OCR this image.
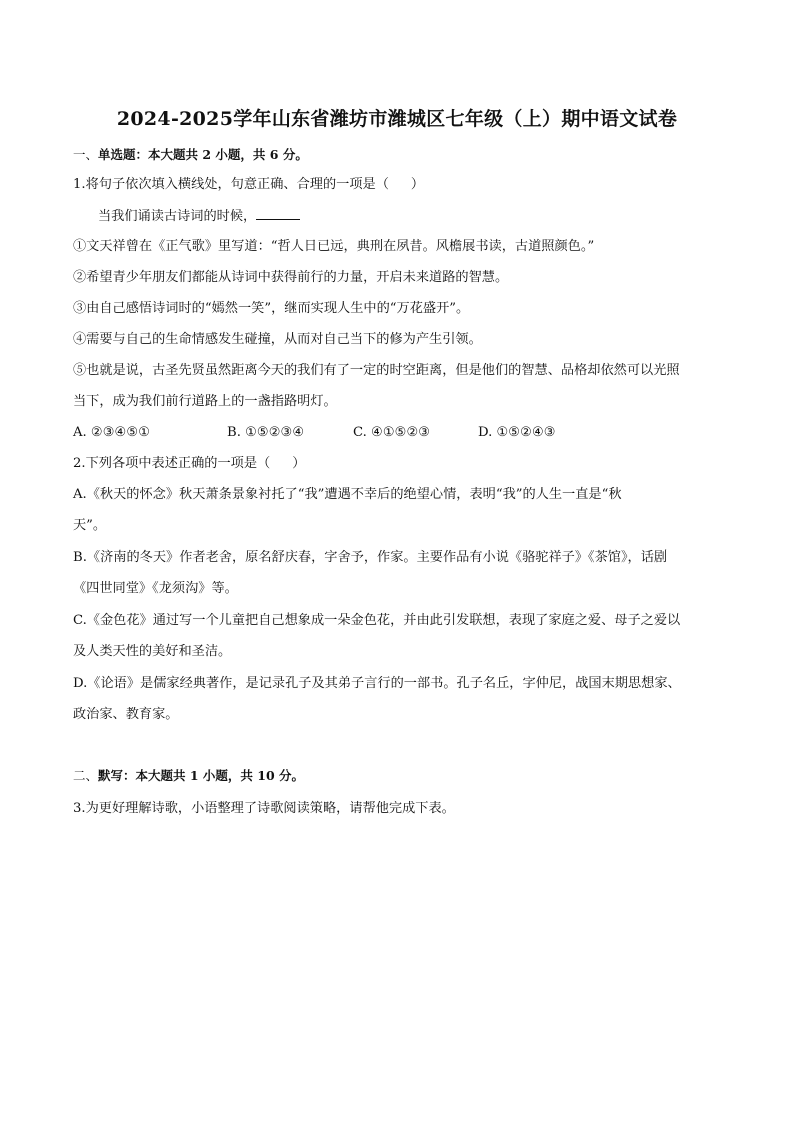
2024-2025学年山东省潍坊市潍城区七年级（上）期中语文试卷
一、单选题：本大题共 2 小题，共 6 分。
1.将句子依次填入横线处，句意正确、合理的一项是（ ）
当我们诵读古诗词的时候，
①文天祥曾在《正气歌》里写道：“哲人日已远，典刑在夙昔。风檐展书读，古道照颜色。”
②希望青少年朋友们都能从诗词中获得前行的力量，开启未来道路的智慧。
③由自己感悟诗词时的“嫣然一笑”，继而实现人生中的“万花盛开”。
④需要与自己的生命情感发生碰撞，从而对自己当下的修为产生引领。
⑤也就是说，古圣先贤虽然距离今天的我们有了一定的时空距离，但是他们的智慧、品格却依然可以光照
当下，成为我们前行道路上的一盏指路明灯。
A. ②③④⑤①	B. ①⑤②③④	C. ④①⑤②③	D. ①⑤②④③
2.下列各项中表述正确的一项是（ ）
A.《秋天的怀念》秋天萧条景象衬托了“我”遭遇不幸后的绝望心情，表明“我”的人生一直是“秋
天”。
B.《济南的冬天》作者老舍，原名舒庆春，字舍予，作家。主要作品有小说《骆驼祥子》《茶馆》，话剧
《四世同堂》《龙须沟》等。
C.《金色花》通过写一个儿童把自己想象成一朵金色花，并由此引发联想，表现了家庭之爱、母子之爱以
及人类天性的美好和圣洁。
D.《论语》是儒家经典著作，是记录孔子及其弟子言行的一部书。孔子名丘，字仲尼，战国末期思想家、
政治家、教育家。
二、默写：本大题共 1 小题，共 10 分。
3.为更好理解诗歌，小语整理了诗歌阅读策略，请帮他完成下表。
